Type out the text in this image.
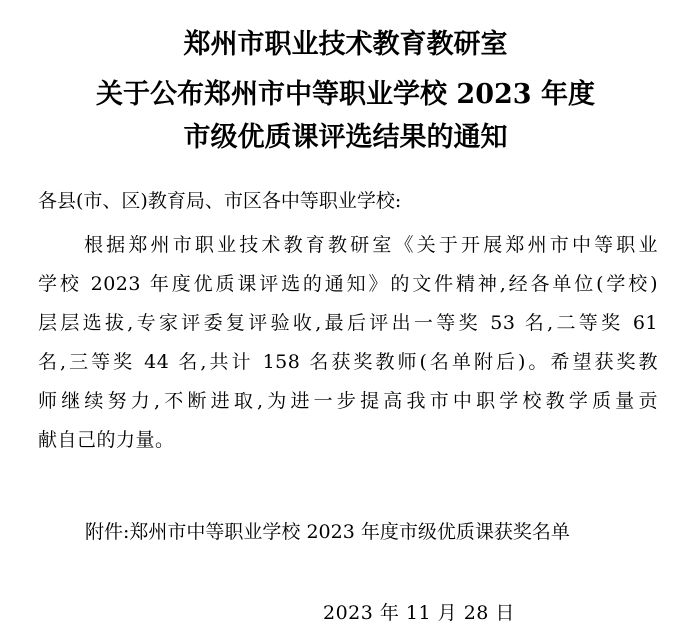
郑州市职业技术教育教研室
关于公布郑州市中等职业学校 2023 年度
市级优质课评选结果的通知
各县(市、区)教育局、市区各中等职业学校:
根据郑州市职业技术教育教研室《关于开展郑州市中等职业
学校 2023 年度优质课评选的通知》的文件精神,经各单位(学校)
层层选拔,专家评委复评验收,最后评出一等奖 53 名,二等奖 61
名,三等奖 44 名,共计 158 名获奖教师(名单附后)。希望获奖教
师继续努力,不断进取,为进一步提高我市中职学校教学质量贡
献自己的力量。
附件:郑州市中等职业学校 2023 年度市级优质课获奖名单
2023 年 11 月 28 日
